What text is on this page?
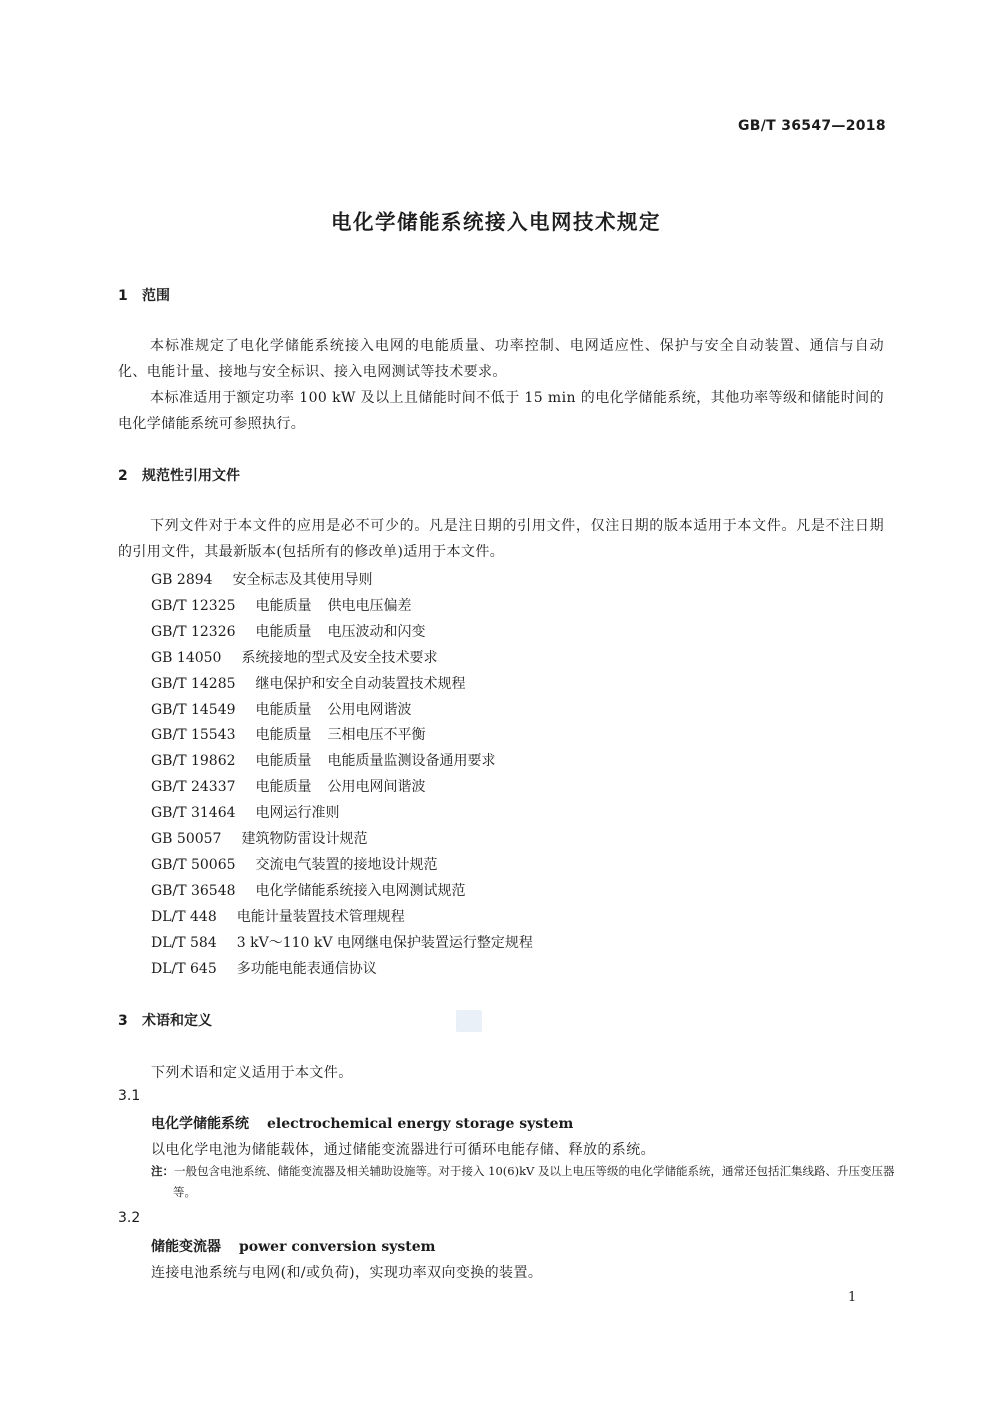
GB/T 36547—2018
电化学储能系统接入电网技术规定
1 范围
本标准规定了电化学储能系统接入电网的电能质量、功率控制、电网适应性、保护与安全自动装置、通信与自动化、电能计量、接地与安全标识、接入电网测试等技术要求。
本标准适用于额定功率 100 kW 及以上且储能时间不低于 15 min 的电化学储能系统，其他功率等级和储能时间的电化学储能系统可参照执行。
2 规范性引用文件
下列文件对于本文件的应用是必不可少的。凡是注日期的引用文件，仅注日期的版本适用于本文件。凡是不注日期的引用文件，其最新版本(包括所有的修改单)适用于本文件。
GB 2894 安全标志及其使用导则
GB/T 12325 电能质量 供电电压偏差
GB/T 12326 电能质量 电压波动和闪变
GB 14050 系统接地的型式及安全技术要求
GB/T 14285 继电保护和安全自动装置技术规程
GB/T 14549 电能质量 公用电网谐波
GB/T 15543 电能质量 三相电压不平衡
GB/T 19862 电能质量 电能质量监测设备通用要求
GB/T 24337 电能质量 公用电网间谐波
GB/T 31464 电网运行准则
GB 50057 建筑物防雷设计规范
GB/T 50065 交流电气装置的接地设计规范
GB/T 36548 电化学储能系统接入电网测试规范
DL/T 448 电能计量装置技术管理规程
DL/T 584 3 kV～110 kV 电网继电保护装置运行整定规程
DL/T 645 多功能电能表通信协议
3 术语和定义
下列术语和定义适用于本文件。
3.1
电化学储能系统 electrochemical energy storage system
以电化学电池为储能载体，通过储能变流器进行可循环电能存储、释放的系统。
注：一般包含电池系统、储能变流器及相关辅助设施等。对于接入 10(6)kV 及以上电压等级的电化学储能系统，通常还包括汇集线路、升压变压器等。
3.2
储能变流器 power conversion system
连接电池系统与电网(和/或负荷)，实现功率双向变换的装置。
1
